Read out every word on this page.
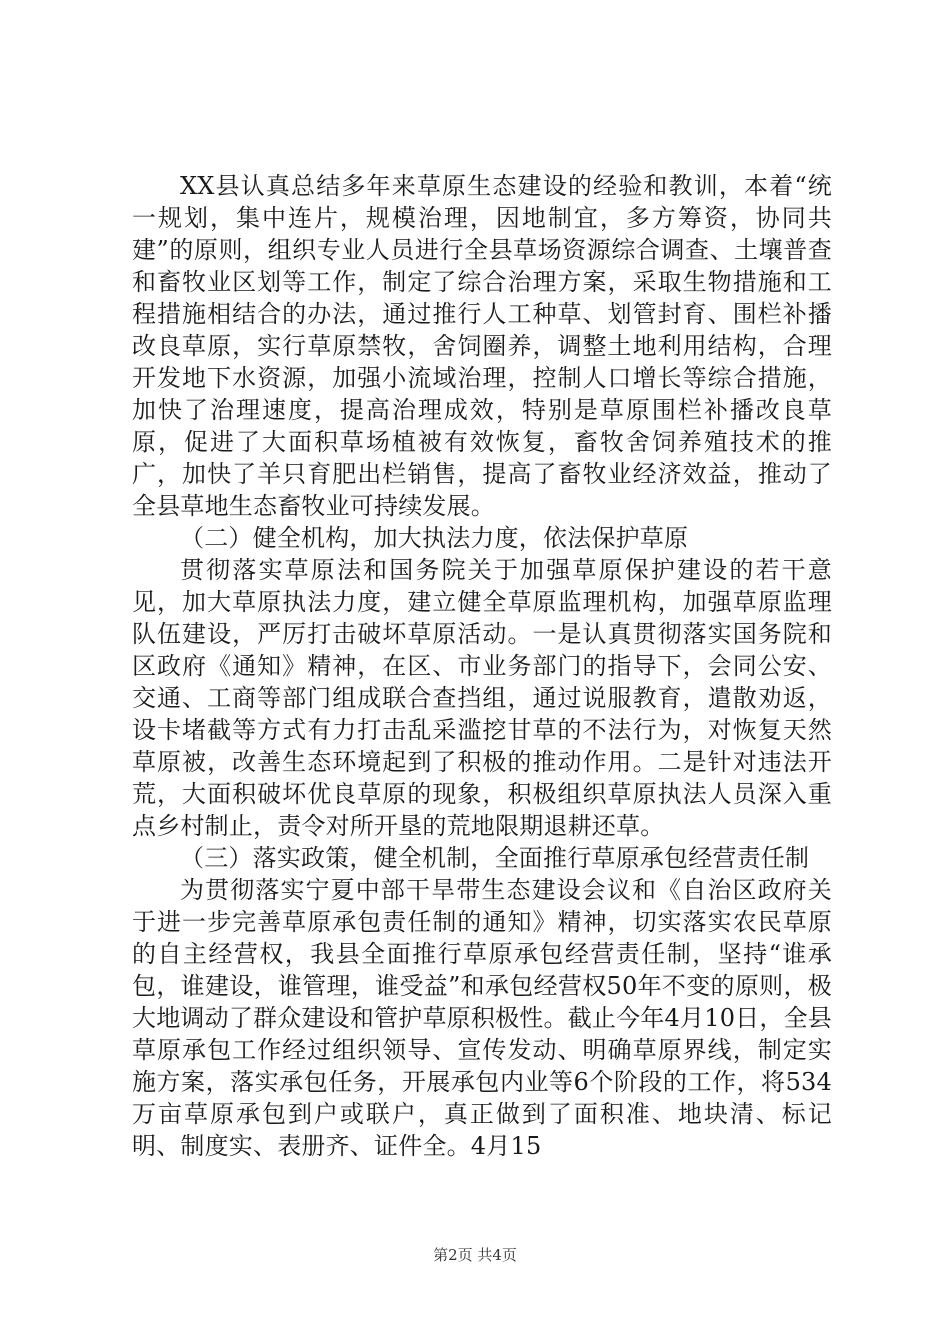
XX县认真总结多年来草原生态建设的经验和教训，本着“统一规划，集中连片，规模治理，因地制宜，多方筹资，协同共建”的原则，组织专业人员进行全县草场资源综合调查、土壤普查和畜牧业区划等工作，制定了综合治理方案，采取生物措施和工程措施相结合的办法，通过推行人工种草、划管封育、围栏补播改良草原，实行草原禁牧，舍饲圈养，调整土地利用结构，合理开发地下水资源，加强小流域治理，控制人口增长等综合措施，加快了治理速度，提高治理成效，特别是草原围栏补播改良草原，促进了大面积草场植被有效恢复，畜牧舍饲养殖技术的推广，加快了羊只育肥出栏销售，提高了畜牧业经济效益，推动了全县草地生态畜牧业可持续发展。

（二）健全机构，加大执法力度，依法保护草原

贯彻落实草原法和国务院关于加强草原保护建设的若干意见，加大草原执法力度，建立健全草原监理机构，加强草原监理队伍建设，严厉打击破坏草原活动。一是认真贯彻落实国务院和区政府《通知》精神，在区、市业务部门的指导下，会同公安、交通、工商等部门组成联合查挡组，通过说服教育，遣散劝返，设卡堵截等方式有力打击乱采滥挖甘草的不法行为，对恢复天然草原被，改善生态环境起到了积极的推动作用。二是针对违法开荒，大面积破坏优良草原的现象，积极组织草原执法人员深入重点乡村制止，责令对所开垦的荒地限期退耕还草。

（三）落实政策，健全机制，全面推行草原承包经营责任制

为贯彻落实宁夏中部干旱带生态建设会议和《自治区政府关于进一步完善草原承包责任制的通知》精神，切实落实农民草原的自主经营权，我县全面推行草原承包经营责任制，坚持“谁承包，谁建设，谁管理，谁受益”和承包经营权50年不变的原则，极大地调动了群众建设和管护草原积极性。截止今年4月10日，全县草原承包工作经过组织领导、宣传发动、明确草原界线，制定实施方案，落实承包任务，开展承包内业等6个阶段的工作，将534万亩草原承包到户或联户，真正做到了面积准、地块清、标记明、制度实、表册齐、证件全。4月15

第2页 共4页
